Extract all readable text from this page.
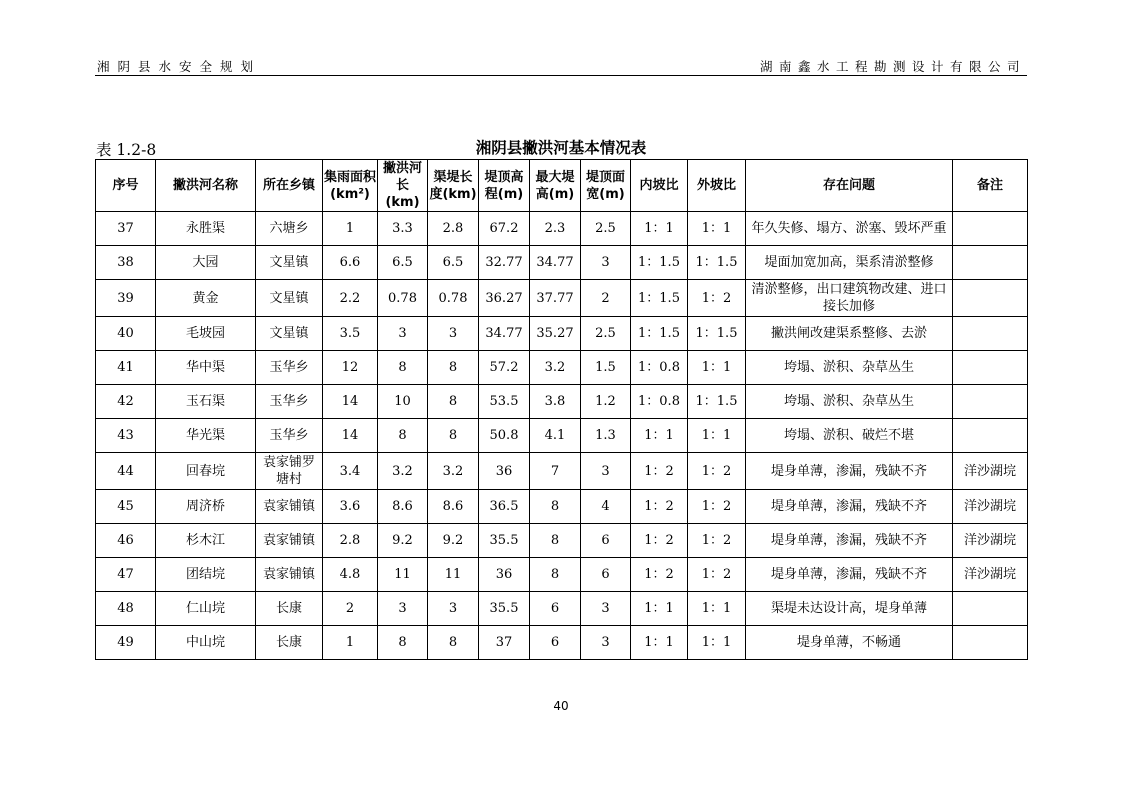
湘阴县水安全规划	湖南鑫水工程勘测设计有限公司
表 1.2-8	湘阴县撇洪河基本情况表
序号	撇洪河名称	所在乡镇	集雨面积(km²)	撇洪河长(km)	渠堤长度(km)	堤顶高程(m)	最大堤高(m)	堤顶面宽(m)	内坡比	外坡比	存在问题	备注
37	永胜渠	六塘乡	1	3.3	2.8	67.2	2.3	2.5	1：1	1：1	年久失修、塌方、淤塞、毁坏严重	
38	大园	文星镇	6.6	6.5	6.5	32.77	34.77	3	1：1.5	1：1.5	堤面加宽加高，渠系清淤整修	
39	黄金	文星镇	2.2	0.78	0.78	36.27	37.77	2	1：1.5	1：2	清淤整修，出口建筑物改建、进口接长加修	
40	毛坡园	文星镇	3.5	3	3	34.77	35.27	2.5	1：1.5	1：1.5	撇洪闸改建渠系整修、去淤	
41	华中渠	玉华乡	12	8	8	57.2	3.2	1.5	1：0.8	1：1	垮塌、淤积、杂草丛生	
42	玉石渠	玉华乡	14	10	8	53.5	3.8	1.2	1：0.8	1：1.5	垮塌、淤积、杂草丛生	
43	华光渠	玉华乡	14	8	8	50.8	4.1	1.3	1：1	1：1	垮塌、淤积、破烂不堪	
44	回春垸	袁家铺罗塘村	3.4	3.2	3.2	36	7	3	1：2	1：2	堤身单薄，渗漏，残缺不齐	洋沙湖垸
45	周济桥	袁家铺镇	3.6	8.6	8.6	36.5	8	4	1：2	1：2	堤身单薄，渗漏，残缺不齐	洋沙湖垸
46	杉木江	袁家铺镇	2.8	9.2	9.2	35.5	8	6	1：2	1：2	堤身单薄，渗漏，残缺不齐	洋沙湖垸
47	团结垸	袁家铺镇	4.8	11	11	36	8	6	1：2	1：2	堤身单薄，渗漏，残缺不齐	洋沙湖垸
48	仁山垸	长康	2	3	3	35.5	6	3	1：1	1：1	渠堤未达设计高，堤身单薄	
49	中山垸	长康	1	8	8	37	6	3	1：1	1：1	堤身单薄，不畅通	
40
